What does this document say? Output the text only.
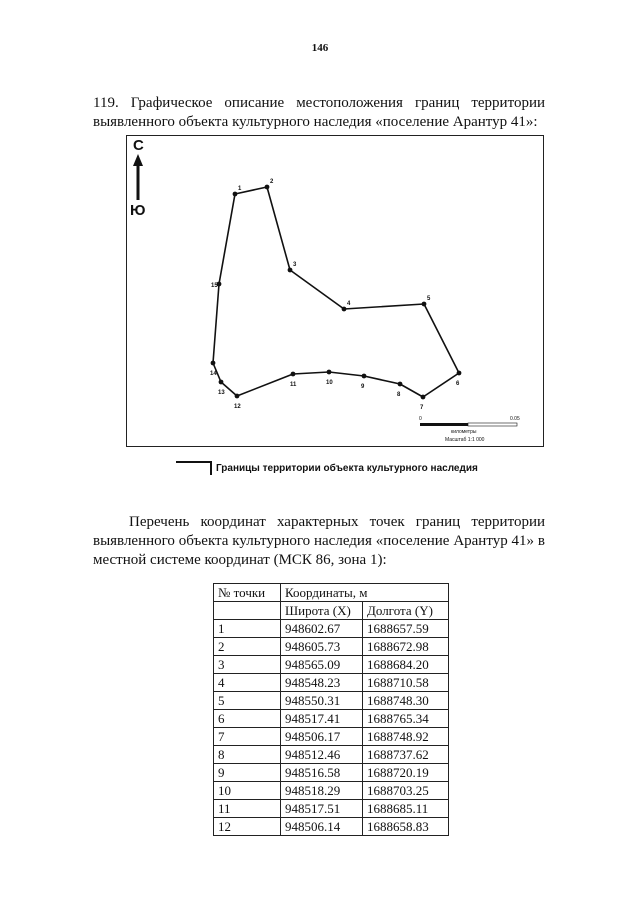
146
119. Графическое описание местоположения границ территории
выявленного объекта культурного наследия «поселение Арантур 41»:
С
Ю
1
2
3
4
5
6
7
8
9
10
11
12
13
14
15
0	0.05
километры
Масштаб 1:1 000
Границы территории объекта культурного наследия
Перечень координат характерных точек границ территории
выявленного объекта культурного наследия «поселение Арантур 41» в
местной системе координат (МСК 86, зона 1):
№ точки	Координаты, м	
	Широта (X)	Долгота (Y)
1	948602.67	1688657.59
2	948605.73	1688672.98
3	948565.09	1688684.20
4	948548.23	1688710.58
5	948550.31	1688748.30
6	948517.41	1688765.34
7	948506.17	1688748.92
8	948512.46	1688737.62
9	948516.58	1688720.19
10	948518.29	1688703.25
11	948517.51	1688685.11
12	948506.14	1688658.83
